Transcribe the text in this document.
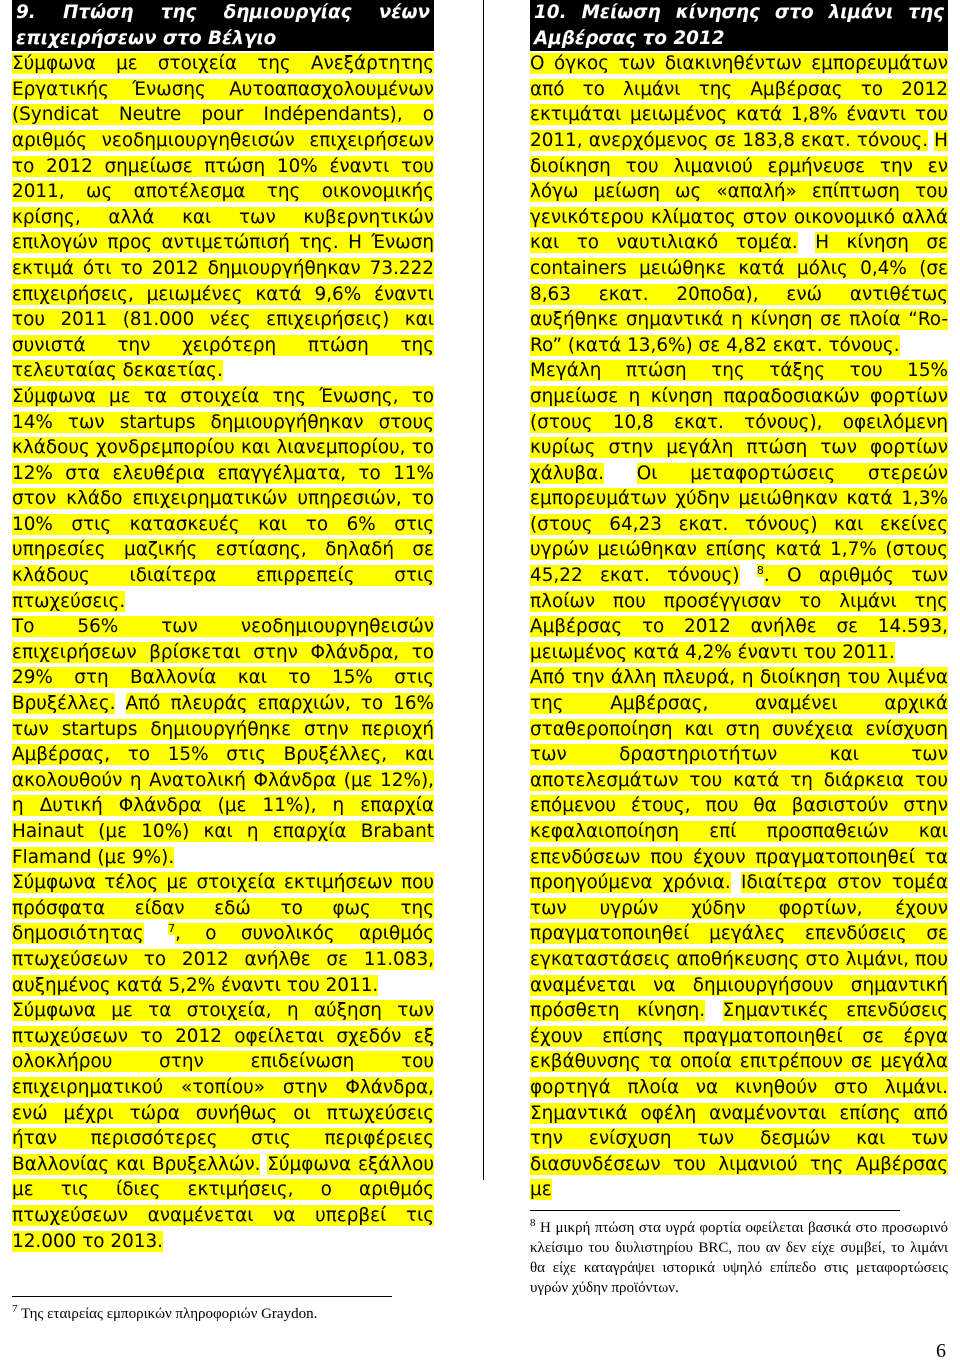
9. Πτώση της δημιουργίας νέων επιχειρήσεων στο Βέλγιο

Σύμφωνα με στοιχεία της Ανεξάρτητης Εργατικής Ένωσης Αυτοαπασχολουμένων (Syndicat Neutre pour Indépendants), ο αριθμός νεοδημιουργηθεισών επιχειρήσεων το 2012 σημείωσε πτώση 10% έναντι του 2011, ως αποτέλεσμα της οικονομικής κρίσης, αλλά και των κυβερνητικών επιλογών προς αντιμετώπισή της. Η Ένωση εκτιμά ότι το 2012 δημιουργήθηκαν 73.222 επιχειρήσεις, μειωμένες κατά 9,6% έναντι του 2011 (81.000 νέες επιχειρήσεις) και συνιστά την χειρότερη πτώση της τελευταίας δεκαετίας.

Σύμφωνα με τα στοιχεία της Ένωσης, το 14% των startups δημιουργήθηκαν στους κλάδους χονδρεμπορίου και λιανεμπορίου, το 12% στα ελευθέρια επαγγέλματα, το 11% στον κλάδο επιχειρηματικών υπηρεσιών, το 10% στις κατασκευές και το 6% στις υπηρεσίες μαζικής εστίασης, δηλαδή σε κλάδους ιδιαίτερα επιρρεπείς στις πτωχεύσεις.

Το 56% των νεοδημιουργηθεισών επιχειρήσεων βρίσκεται στην Φλάνδρα, το 29% στη Βαλλονία και το 15% στις Βρυξέλλες. Από πλευράς επαρχιών, το 16% των startups δημιουργήθηκε στην περιοχή Αμβέρσας, το 15% στις Βρυξέλλες, και ακολουθούν η Ανατολική Φλάνδρα (με 12%), η Δυτική Φλάνδρα (με 11%), η επαρχία Hainaut (με 10%) και η επαρχία Brabant Flamand (με 9%).

Σύμφωνα τέλος με στοιχεία εκτιμήσεων που πρόσφατα είδαν εδώ το φως της δημοσιότητας $^7$, ο συνολικός αριθμός πτωχεύσεων το 2012 ανήλθε σε 11.083, αυξημένος κατά 5,2% έναντι του 2011.

Σύμφωνα με τα στοιχεία, η αύξηση των πτωχεύσεων το 2012 οφείλεται σχεδόν εξ ολοκλήρου στην επιδείνωση του επιχειρηματικού «τοπίου» στην Φλάνδρα, ενώ μέχρι τώρα συνήθως οι πτωχεύσεις ήταν περισσότερες στις περιφέρειες Βαλλονίας και Βρυξελλών. Σύμφωνα εξάλλου με τις ίδιες εκτιμήσεις, ο αριθμός πτωχεύσεων αναμένεται να υπερβεί τις 12.000 το 2013.

10. Μείωση κίνησης στο λιμάνι της Αμβέρσας το 2012

Ο όγκος των διακινηθέντων εμπορευμάτων από το λιμάνι της Αμβέρσας το 2012 εκτιμάται μειωμένος κατά 1,8% έναντι του 2011, ανερχόμενος σε 183,8 εκατ. τόνους. Η διοίκηση του λιμανιού ερμήνευσε την εν λόγω μείωση ως «απαλή» επίπτωση του γενικότερου κλίματος στον οικονομικό αλλά και το ναυτιλιακό τομέα. Η κίνηση σε containers μειώθηκε κατά μόλις 0,4% (σε 8,63 εκατ. 20ποδα), ενώ αντιθέτως αυξήθηκε σημαντικά η κίνηση σε πλοία “Ro-Ro” (κατά 13,6%) σε 4,82 εκατ. τόνους.

Μεγάλη πτώση της τάξης του 15% σημείωσε η κίνηση παραδοσιακών φορτίων (στους 10,8 εκατ. τόνους), οφειλόμενη κυρίως στην μεγάλη πτώση των φορτίων χάλυβα. Οι μεταφορτώσεις στερεών εμπορευμάτων χύδην μειώθηκαν κατά 1,3% (στους 64,23 εκατ. τόνους) και εκείνες υγρών μειώθηκαν επίσης κατά 1,7% (στους 45,22 εκατ. τόνους) $^8$. Ο αριθμός των πλοίων που προσέγγισαν το λιμάνι της Αμβέρσας το 2012 ανήλθε σε 14.593, μειωμένος κατά 4,2% έναντι του 2011.

Από την άλλη πλευρά, η διοίκηση του λιμένα της Αμβέρσας, αναμένει αρχικά σταθεροποίηση και στη συνέχεια ενίσχυση των δραστηριοτήτων και των αποτελεσμάτων του κατά τη διάρκεια του επόμενου έτους, που θα βασιστούν στην κεφαλαιοποίηση επί προσπαθειών και επενδύσεων που έχουν πραγματοποιηθεί τα προηγούμενα χρόνια. Ιδιαίτερα στον τομέα των υγρών χύδην φορτίων, έχουν πραγματοποιηθεί μεγάλες επενδύσεις σε εγκαταστάσεις αποθήκευσης στο λιμάνι, που αναμένεται να δημιουργήσουν σημαντική πρόσθετη κίνηση. Σημαντικές επενδύσεις έχουν επίσης πραγματοποιηθεί σε έργα εκβάθυνσης τα οποία επιτρέπουν σε μεγάλα φορτηγά πλοία να κινηθούν στο λιμάνι. Σημαντικά οφέλη αναμένονται επίσης από την ενίσχυση των δεσμών και των διασυνδέσεων του λιμανιού της Αμβέρσας με

$^7$ Της εταιρείας εμπορικών πληροφοριών Graydon.
$^8$ Η μικρή πτώση στα υγρά φορτία οφείλεται βασικά στο προσωρινό κλείσιμο του διυλιστηρίου BRC, που αν δεν είχε συμβεί, το λιμάνι θα είχε καταγράψει ιστορικά υψηλό επίπεδο στις μεταφορτώσεις υγρών χύδην προϊόντων.
6
